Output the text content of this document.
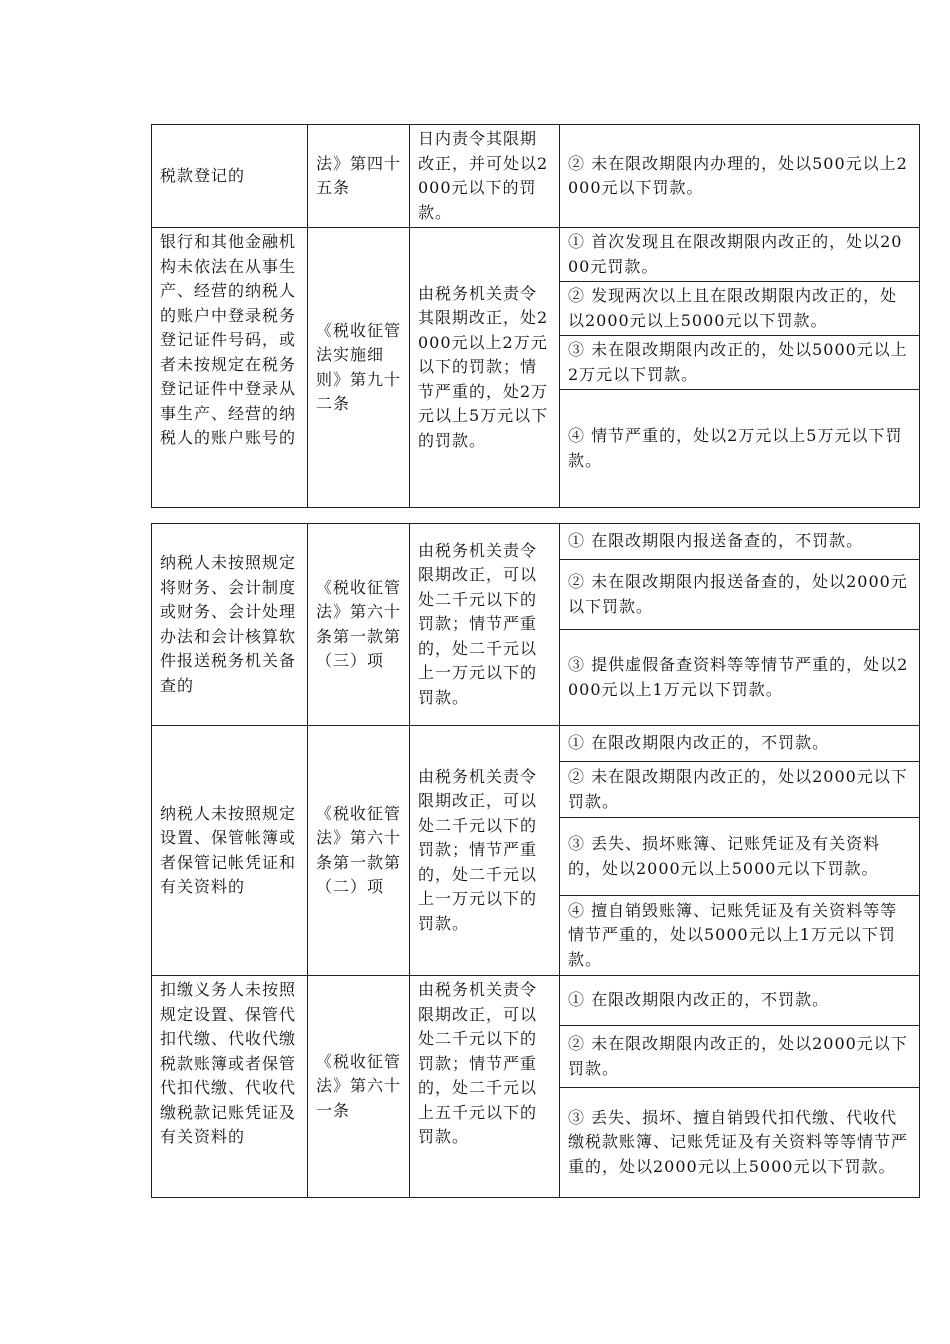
税款登记的	法》第四十五条	日内责令其限期改正，并可处以2000元以下的罚款。	② 未在限改期限内办理的，处以500元以上2000元以下罚款。
银行和其他金融机构未依法在从事生产、经营的纳税人的账户中登录税务登记证件号码，或者未按规定在税务登记证件中登录从事生产、经营的纳税人的账户账号的	《税收征管法实施细则》第九十二条	由税务机关责令其限期改正，处2000元以上2万元以下的罚款；情节严重的，处2万元以上5万元以下的罚款。	① 首次发现且在限改期限内改正的，处以2000元罚款。
			② 发现两次以上且在限改期限内改正的，处以2000元以上5000元以下罚款。
			③ 未在限改期限内改正的，处以5000元以上2万元以下罚款。
			④ 情节严重的，处以2万元以上5万元以下罚款。
纳税人未按照规定将财务、会计制度或财务、会计处理办法和会计核算软件报送税务机关备查的	《税收征管法》第六十条第一款第（三）项	由税务机关责令限期改正，可以处二千元以下的罚款；情节严重的，处二千元以上一万元以下的罚款。	① 在限改期限内报送备查的，不罚款。
			② 未在限改期限内报送备查的，处以2000元以下罚款。
			③ 提供虚假备查资料等等情节严重的，处以2000元以上1万元以下罚款。
纳税人未按照规定设置、保管帐簿或者保管记帐凭证和有关资料的	《税收征管法》第六十条第一款第（二）项	由税务机关责令限期改正，可以处二千元以下的罚款；情节严重的，处二千元以上一万元以下的罚款。	① 在限改期限内改正的，不罚款。
			② 未在限改期限内改正的，处以2000元以下罚款。
			③ 丢失、损坏账簿、记账凭证及有关资料的，处以2000元以上5000元以下罚款。
			④ 擅自销毁账簿、记账凭证及有关资料等等情节严重的，处以5000元以上1万元以下罚款。
扣缴义务人未按照规定设置、保管代扣代缴、代收代缴税款账簿或者保管代扣代缴、代收代缴税款记账凭证及有关资料的	《税收征管法》第六十一条	由税务机关责令限期改正，可以处二千元以下的罚款；情节严重的，处二千元以上五千元以下的罚款。	① 在限改期限内改正的，不罚款。
			② 未在限改期限内改正的，处以2000元以下罚款。
			③ 丢失、损坏、擅自销毁代扣代缴、代收代缴税款账簿、记账凭证及有关资料等等情节严重的，处以2000元以上5000元以下罚款。
